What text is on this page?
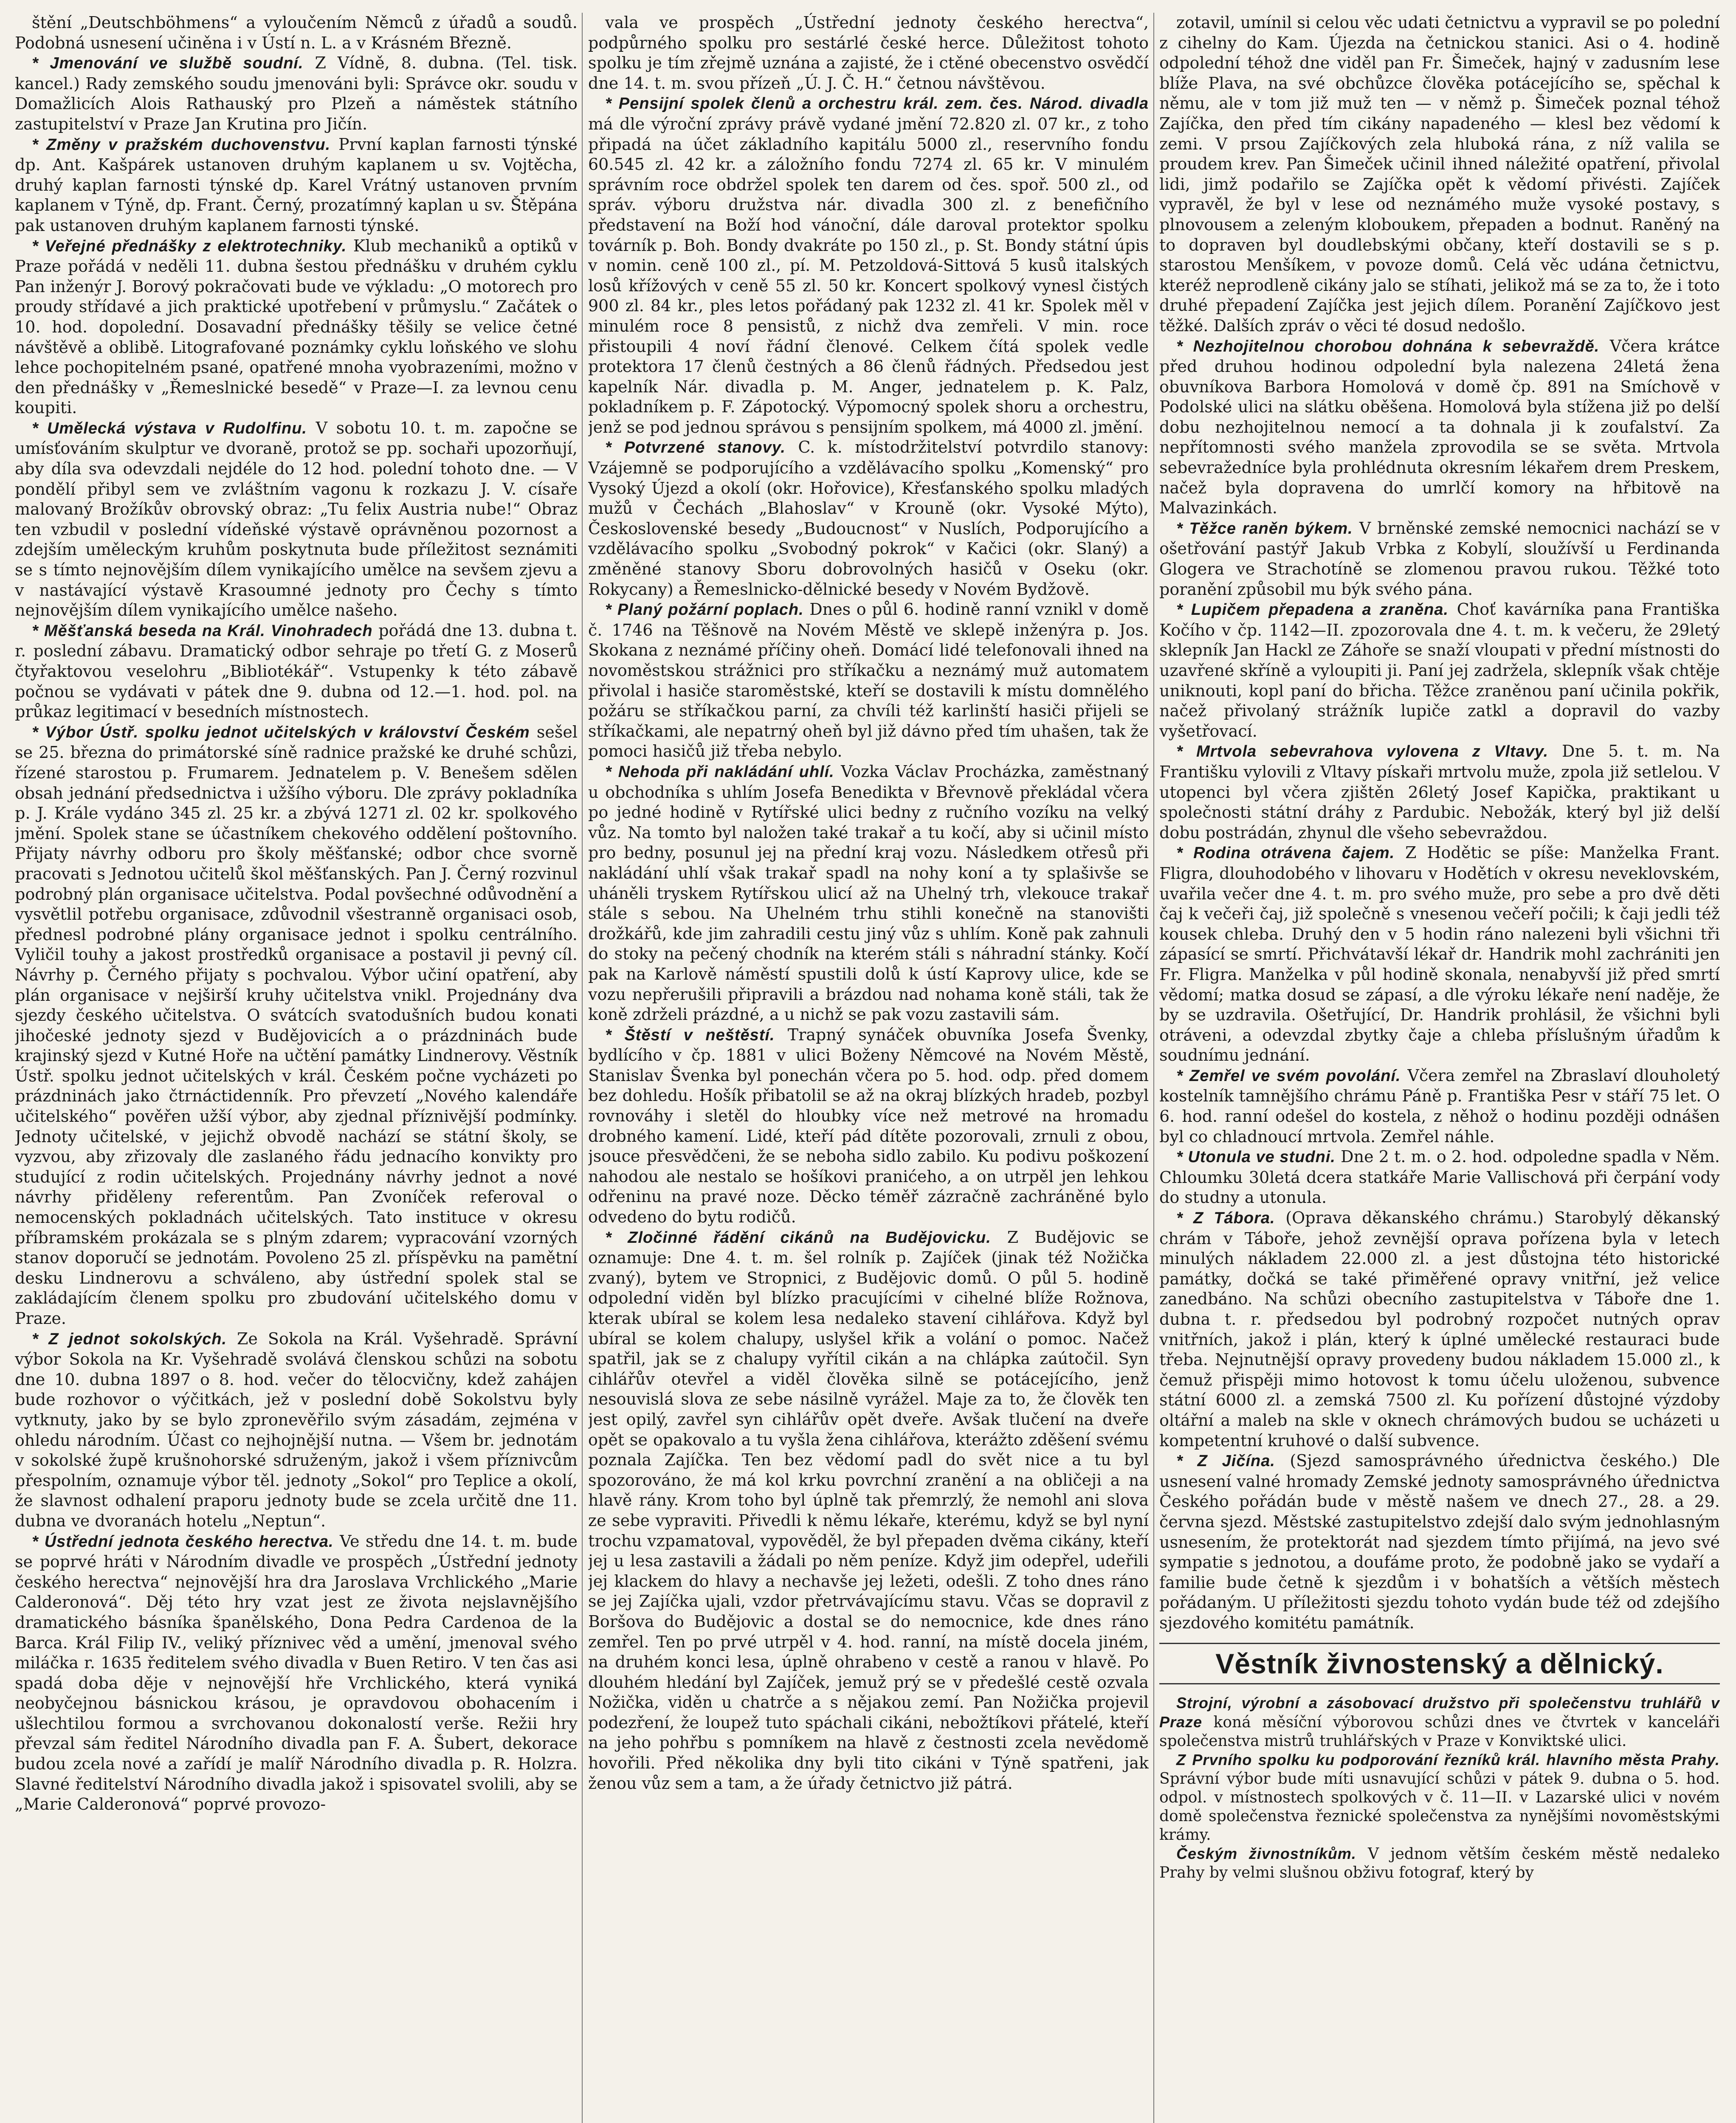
štění „Deutschböhmens“ a vyloučením Němců z úřadů a soudů. Podobná usnesení učiněna i v Ústí n. L. a v Krásném Březně.

* Jmenování ve službě soudní. Z Vídně, 8. dubna. (Tel. tisk. kancel.) Rady zemského soudu jmenováni byli: Správce okr. soudu v Domažlicích Alois Rathauský pro Plzeň a náměstek státního zastupitelství v Praze Jan Krutina pro Jičín.

* Změny v pražském duchovenstvu. První kaplan farnosti týnské dp. Ant. Kašpárek ustanoven druhým kaplanem u sv. Vojtěcha, druhý kaplan farnosti týnské dp. Karel Vrátný ustanoven prvním kaplanem v Týně, dp. Frant. Černý, prozatímný kaplan u sv. Štěpána pak ustanoven druhým kaplanem farnosti týnské.

* Veřejné přednášky z elektrotechniky. Klub mechaniků a optiků v Praze pořádá v neděli 11. dubna šestou přednášku v druhém cyklu Pan inženýr J. Borový pokračovati bude ve výkladu: „O motorech pro proudy střídavé a jich praktické upotřebení v průmyslu.“ Začátek o 10. hod. dopolední. Dosavadní přednášky těšily se velice četné návštěvě a oblibě. Litografované poznámky cyklu loňského ve slohu lehce pochopitelném psané, opatřené mnoha vyobrazeními, možno v den přednášky v „Řemeslnické besedě“ v Praze—I. za levnou cenu koupiti.

* Umělecká výstava v Rudolfinu. V sobotu 10. t. m. započne se umísťováním skulptur ve dvoraně, protož se pp. sochaři upozorňují, aby díla sva odevzdali nejdéle do 12 hod. polední tohoto dne. — V pondělí přibyl sem ve zvláštním vagonu k rozkazu J. V. císaře malovaný Brožíkův obrovský obraz: „Tu felix Austria nube!“ Obraz ten vzbudil v poslední vídeňské výstavě oprávněnou pozornost a zdejším uměleckým kruhům poskytnuta bude příležitost seznámiti se s tímto nejnovějším dílem vynikajícího umělce na sevšem zjevu a v nastávající výstavě Krasoumné jednoty pro Čechy s tímto nejnovějším dílem vynikajícího umělce našeho.

* Měšťanská beseda na Král. Vinohradech pořádá dne 13. dubna t. r. poslední zábavu. Dramatický odbor sehraje po třetí G. z Moserů čtyřaktovou veselohru „Bibliotékář“. Vstupenky k této zábavě počnou se vydávati v pátek dne 9. dubna od 12.—1. hod. pol. na průkaz legitimací v besedních místnostech.

* Výbor Ústř. spolku jednot učitelských v království Českém sešel se 25. března do primátorské síně radnice pražské ke druhé schůzi, řízené starostou p. Frumarem. Jednatelem p. V. Benešem sdělen obsah jednání předsednictva i užšího výboru. Dle zprávy pokladníka p. J. Krále vydáno 345 zl. 25 kr. a zbývá 1271 zl. 02 kr. spolkového jmění. Spolek stane se účastníkem chekového oddělení poštovního. Přijaty návrhy odboru pro školy měšťanské; odbor chce svorně pracovati s Jednotou učitelů škol měšťanských. Pan J. Černý rozvinul podrobný plán organisace učitelstva. Podal povšechné odůvodnění a vysvětlil potřebu organisace, zdůvodnil všestranně organisaci osob, přednesl podrobné plány organisace jednot i spolku centrálního. Vyličil touhy a jakost prostředků organisace a postavil ji pevný cíl. Návrhy p. Černého přijaty s pochvalou. Výbor učiní opatření, aby plán organisace v nejširší kruhy učitelstva vnikl. Projednány dva sjezdy českého učitelstva. O svátcích svatodušních budou konati jihočeské jednoty sjezd v Budějovicích a o prázdninách bude krajinský sjezd v Kutné Hoře na učtění památky Lindnerovy. Věstník Ústř. spolku jednot učitelských v král. Českém počne vycházeti po prázdninách jako čtrnáctidenník. Pro převzetí „Nového kalendáře učitelského“ pověřen užší výbor, aby zjednal příznivější podmínky. Jednoty učitelské, v jejichž obvodě nachází se státní školy, se vyzvou, aby zřizovaly dle zaslaného řádu jednacího konvikty pro studující z rodin učitelských. Projednány návrhy jednot a nové návrhy přiděleny referentům. Pan Zvoníček referoval o nemocenských pokladnách učitelských. Tato instituce v okresu příbramském prokázala se s plným zdarem; vypracování vzorných stanov doporučí se jednotám. Povoleno 25 zl. příspěvku na pamětní desku Lindnerovu a schváleno, aby ústřední spolek stal se zakládajícím členem spolku pro zbudování učitelského domu v Praze.

* Z jednot sokolských. Ze Sokola na Král. Vyšehradě. Správní výbor Sokola na Kr. Vyšehradě svolává členskou schůzi na sobotu dne 10. dubna 1897 o 8. hod. večer do tělocvičny, kdež zahájen bude rozhovor o výčitkách, jež v poslední době Sokolstvu byly vytknuty, jako by se bylo zpronevěřilo svým zásadám, zejména v ohledu národním. Účast co nejhojnější nutna. — Všem br. jednotám v sokolské župě krušnohorské sdruženým, jakož i všem příznivcům přespolním, oznamuje výbor těl. jednoty „Sokol“ pro Teplice a okolí, že slavnost odhalení praporu jednoty bude se zcela určitě dne 11. dubna ve dvoranách hotelu „Neptun“.

* Ústřední jednota českého herectva. Ve středu dne 14. t. m. bude se poprvé hráti v Národním divadle ve prospěch „Ústřední jednoty českého herectva“ nejnovější hra dra Jaroslava Vrchlického „Marie Calderonová“. Děj této hry vzat jest ze života nejslavnějšího dramatického básníka španělského, Dona Pedra Cardenoa de la Barca. Král Filip IV., veliký příznivec věd a umění, jmenoval svého miláčka r. 1635 ředitelem svého divadla v Buen Retiro. V ten čas asi spadá doba děje v nejnovější hře Vrchlického, která vyniká neobyčejnou básnickou krásou, je opravdovou obohacením i ušlechtilou formou a svrchovanou dokonalostí verše. Režii hry převzal sám ředitel Národního divadla pan F. A. Šubert, dekorace budou zcela nové a zařídí je malíř Národního divadla p. R. Holzra. Slavné ředitelství Národního divadla jakož i spisovatel svolili, aby se „Marie Calderonová“ poprvé provozo-

vala ve prospěch „Ústřední jednoty českého herectva“, podpůrného spolku pro sestárlé české herce. Důležitost tohoto spolku je tím zřejmě uznána a zajisté, že i ctěné obecenstvo osvědčí dne 14. t. m. svou přízeň „Ú. J. Č. H.“ četnou návštěvou.

* Pensijní spolek členů a orchestru král. zem. čes. Národ. divadla má dle výroční zprávy právě vydané jmění 72.820 zl. 07 kr., z toho připadá na účet základního kapitálu 5000 zl., reservního fondu 60.545 zl. 42 kr. a záložního fondu 7274 zl. 65 kr. V minulém správním roce obdržel spolek ten darem od čes. spoř. 500 zl., od správ. výboru družstva nár. divadla 300 zl. z benefičního představení na Boží hod vánoční, dále daroval protektor spolku továrník p. Boh. Bondy dvakráte po 150 zl., p. St. Bondy státní úpis v nomin. ceně 100 zl., pí. M. Petzoldová-Sittová 5 kusů italských losů křížových v ceně 55 zl. 50 kr. Koncert spolkový vynesl čistých 900 zl. 84 kr., ples letos pořádaný pak 1232 zl. 41 kr. Spolek měl v minulém roce 8 pensistů, z nichž dva zemřeli. V min. roce přistoupili 4 noví řádní členové. Celkem čítá spolek vedle protektora 17 členů čestných a 86 členů řádných. Předsedou jest kapelník Nár. divadla p. M. Anger, jednatelem p. K. Palz, pokladníkem p. F. Zápotocký. Výpomocný spolek shoru a orchestru, jenž se pod jednou správou s pensijním spolkem, má 4000 zl. jmění.

* Potvrzené stanovy. C. k. místodržitelství potvrdilo stanovy: Vzájemně se podporujícího a vzdělávacího spolku „Komenský“ pro Vysoký Újezd a okolí (okr. Hořovice), Křesťanského spolku mladých mužů v Čechách „Blahoslav“ v Krouně (okr. Vysoké Mýto), Československé besedy „Budoucnost“ v Nuslích, Podporujícího a vzdělávacího spolku „Svobodný pokrok“ v Kačici (okr. Slaný) a změněné stanovy Sboru dobrovolných hasičů v Oseku (okr. Rokycany) a Řemeslnicko-dělnické besedy v Novém Bydžově.

* Planý požární poplach. Dnes o půl 6. hodině ranní vznikl v domě č. 1746 na Těšnově na Novém Městě ve sklepě inženýra p. Jos. Skokana z neznámé příčiny oheň. Domácí lidé telefonovali ihned na novoměstskou strážnici pro stříkačku a neznámý muž automatem přivolal i hasiče staroměstské, kteří se dostavili k místu domnělého požáru se stříkačkou parní, za chvíli též karlinští hasiči přijeli se stříkačkami, ale nepatrný oheň byl již dávno před tím uhašen, tak že pomoci hasičů již třeba nebylo.

* Nehoda při nakládání uhlí. Vozka Václav Procházka, zaměstnaný u obchodníka s uhlím Josefa Benedikta v Břevnově překládal včera po jedné hodině v Rytířské ulici bedny z ručního vozíku na velký vůz. Na tomto byl naložen také trakař a tu kočí, aby si učinil místo pro bedny, posunul jej na přední kraj vozu. Následkem otřesů při nakládání uhlí však trakař spadl na nohy koní a ty splašivše se uháněli tryskem Rytířskou ulicí až na Uhelný trh, vlekouce trakař stále s sebou. Na Uhelném trhu stihli konečně na stanovišti drožkářů, kde jim zahradili cestu jiný vůz s uhlím. Koně pak zahnuli do stoky na pečený chodník na kterém stáli s náhradní stánky. Kočí pak na Karlově náměstí spustili dolů k ústí Kaprovy ulice, kde se vozu nepřerušili připravili a brázdou nad nohama koně stáli, tak že koně zdrželi prázdné, a u nichž se pak vozu zastavili sám.

* Štěstí v neštěstí. Trapný synáček obuvníka Josefa Švenky, bydlícího v čp. 1881 v ulici Boženy Němcové na Novém Městě, Stanislav Švenka byl ponechán včera po 5. hod. odp. před domem bez dohledu. Hošík přibatolil se až na okraj blízkých hradeb, pozbyl rovnováhy i sletěl do hloubky více než metrové na hromadu drobného kamení. Lidé, kteří pád dítěte pozorovali, zrnuli z obou, jsouce přesvědčeni, že se neboha sidlo zabilo. Ku podivu poškození nahodou ale nestalo se hošíkovi pranićeho, a on utrpěl jen lehkou odřeninu na pravé noze. Děcko téměř zázračně zachráněné bylo odvedeno do bytu rodičů.

* Zločinné řádění cikánů na Budějovicku. Z Budějovic se oznamuje: Dne 4. t. m. šel rolník p. Zajíček (jinak též Nožička zvaný), bytem ve Stropnici, z Budějovic domů. O půl 5. hodině odpolední viděn byl blízko pracujícími v cihelné blíže Rožnova, kterak ubíral se kolem lesa nedaleko stavení cihlářova. Když byl ubíral se kolem chalupy, uslyšel křik a volání o pomoc. Načež spatřil, jak se z chalupy vyřítil cikán a na chlápka zaútočil. Syn cihlářův otevřel a viděl člověka silně se potácejícího, jenž nesouvislá slova ze sebe násilně vyrážel. Maje za to, že člověk ten jest opilý, zavřel syn cihlářův opět dveře. Avšak tlučení na dveře opět se opakovalo a tu vyšla žena cihlářova, kterážto zděšení svému poznala Zajíčka. Ten bez vědomí padl do svět nice a tu byl spozorováno, že má kol krku povrchní zranění a na obličeji a na hlavě rány. Krom toho byl úplně tak přemrzlý, že nemohl ani slova ze sebe vypraviti. Přivedli k němu lékaře, kterému, když se byl nyní trochu vzpamatoval, vypověděl, že byl přepaden dvěma cikány, kteří jej u lesa zastavili a žádali po něm peníze. Když jim odepřel, udeřili jej klackem do hlavy a nechavše jej ležeti, odešli. Z toho dnes ráno se jej Zajíčka ujali, vzdor přetrvávajícímu stavu. Včas se dopravil z Boršova do Budějovic a dostal se do nemocnice, kde dnes ráno zemřel. Ten po prvé utrpěl v 4. hod. ranní, na místě docela jiném, na druhém konci lesa, úplně ohrabeno v cestě a ranou v hlavě. Po dlouhém hledání byl Zajíček, jemuž prý se v předešlé cestě ozvala Nožička, viděn u chatrče a s nějakou zemí. Pan Nožička projevil podezření, že loupež tuto spáchali cikáni, nebožtíkovi přátelé, kteří na jeho pohřbu s pomníkem na hlavě z čestnosti zcela nevědomě hovořili. Před několika dny byli tito cikáni v Týně spatřeni, jak ženou vůz sem a tam, a že úřady četnictvo již pátrá.

zotavil, umínil si celou věc udati četnictvu a vypravil se po polední z cihelny do Kam. Újezda na četnickou stanici. Asi o 4. hodině odpolední téhož dne viděl pan Fr. Šimeček, hajný v zadusním lese blíže Plava, na své obchůzce člověka potácejícího se, spěchal k němu, ale v tom již muž ten — v němž p. Šimeček poznal téhož Zajíčka, den před tím cikány napadeného — klesl bez vědomí k zemi. V prsou Zajíčkových zela hluboká rána, z níž valila se proudem krev. Pan Šimeček učinil ihned náležité opatření, přivolal lidi, jimž podařilo se Zajíčka opět k vědomí přivésti. Zajíček vypravěl, že byl v lese od neznámého muže vysoké postavy, s plnovousem a zeleným kloboukem, přepaden a bodnut. Raněný na to dopraven byl doudlebskými občany, kteří dostavili se s p. starostou Menšíkem, v povoze domů. Celá věc udána četnictvu, kteréž neprodleně cikány jalo se stíhati, jelikož má se za to, že i toto druhé přepadení Zajíčka jest jejich dílem. Poranění Zajíčkovo jest těžké. Dalších zpráv o věci té dosud nedošlo.

* Nezhojitelnou chorobou dohnána k sebevraždě. Včera krátce před druhou hodinou odpolední byla nalezena 24letá žena obuvníkova Barbora Homolová v domě čp. 891 na Smíchově v Podolské ulici na slátku oběšena. Homolová byla stížena již po delší dobu nezhojitelnou nemocí a ta dohnala ji k zoufalství. Za nepřítomnosti svého manžela zprovodila se se světa. Mrtvola sebevražedníce byla prohlédnuta okresním lékařem drem Preskem, načež byla dopravena do umrlčí komory na hřbitově na Malvazinkách.

* Těžce raněn býkem. V brněnské zemské nemocnici nachází se v ošetřování pastýř Jakub Vrbka z Kobylí, sloužívší u Ferdinanda Glogera ve Strachotíně se zlomenou pravou rukou. Těžké toto poranění způsobil mu býk svého pána.

* Lupičem přepadena a zraněna. Choť kavárníka pana Františka Kočího v čp. 1142—II. zpozorovala dne 4. t. m. k večeru, že 29letý sklepník Jan Hackl ze Záhoře se snaží vloupati v přední místnosti do uzavřené skříně a vyloupiti ji. Paní jej zadržela, sklepník však chtěje uniknouti, kopl paní do břicha. Těžce zraněnou paní učinila pokřik, načež přivolaný strážník lupiče zatkl a dopravil do vazby vyšetřovací.

* Mrtvola sebevrahova vylovena z Vltavy. Dne 5. t. m. Na Františku vylovili z Vltavy pískaři mrtvolu muže, zpola již setlelou. V utopenci byl včera zjištěn 26letý Josef Kapička, praktikant u společnosti státní dráhy z Pardubic. Nebožák, který byl již delší dobu postrádán, zhynul dle všeho sebevraždou.

* Rodina otrávena čajem. Z Hodětic se píše: Manželka Frant. Fligra, dlouhodobého v lihovaru v Hodětích v okresu neveklovském, uvařila večer dne 4. t. m. pro svého muže, pro sebe a pro dvě děti čaj k večeři čaj, již společně s vnesenou večeří počili; k čaji jedli též kousek chleba. Druhý den v 5 hodin ráno nalezeni byli všichni tři zápasící se smrtí. Přichvátavší lékař dr. Handrik mohl zachrániti jen Fr. Fligra. Manželka v půl hodině skonala, nenabyvší již před smrtí vědomí; matka dosud se zápasí, a dle výroku lékaře není naděje, že by se uzdravila. Ošetřující, Dr. Handrik prohlásil, že všichni byli otráveni, a odevzdal zbytky čaje a chleba příslušným úřadům k soudnímu jednání.

* Zemřel ve svém povolání. Včera zemřel na Zbraslaví dlouholetý kostelník tamnějšího chrámu Páně p. Františka Pesr v stáří 75 let. O 6. hod. ranní odešel do kostela, z něhož o hodinu později odnášen byl co chladnoucí mrtvola. Zemřel náhle.

* Utonula ve studni. Dne 2 t. m. o 2. hod. odpoledne spadla v Něm. Chloumku 30letá dcera statkáře Marie Vallischová při čerpání vody do studny a utonula.

* Z Tábora. (Oprava děkanského chrámu.) Starobylý děkanský chrám v Táboře, jehož zevnější oprava pořízena byla v letech minulých nákladem 22.000 zl. a jest důstojna této historické památky, dočká se také přiměřené opravy vnitřní, jež velice zanedbáno. Na schůzi obecního zastupitelstva v Táboře dne 1. dubna t. r. předsedou byl podrobný rozpočet nutných oprav vnitřních, jakož i plán, který k úplné umělecké restauraci bude třeba. Nejnutnější opravy provedeny budou nákladem 15.000 zl., k čemuž přispěji mimo hotovost k tomu účelu uloženou, subvence státní 6000 zl. a zemská 7500 zl. Ku pořízení důstojné výzdoby oltářní a maleb na skle v oknech chrámových budou se ucházeti u kompetentní kruhové o další subvence.

* Z Jičína. (Sjezd samosprávného úřednictva českého.) Dle usnesení valné hromady Zemské jednoty samosprávného úřednictva Českého pořádán bude v městě našem ve dnech 27., 28. a 29. června sjezd. Městské zastupitelstvo zdejší dalo svým jednohlasným usnesením, že protektorát nad sjezdem tímto přijímá, na jevo své sympatie s jednotou, a doufáme proto, že podobně jako se vydaří a familie bude četně k sjezdům i v bohatších a větších městech pořádaným. U příležitosti sjezdu tohoto vydán bude též od zdejšího sjezdového komitétu památník.

Věstník živnostenský a dělnický.

Strojní, výrobní a zásobovací družstvo při společenstvu truhlářů v Praze koná měsíční výborovou schůzi dnes ve čtvrtek v kanceláři společenstva mistrů truhlářských v Praze v Konviktské ulici.

Z Prvního spolku ku podporování řezníků král. hlavního města Prahy. Správní výbor bude míti usnavující schůzi v pátek 9. dubna o 5. hod. odpol. v místnostech spolkových v č. 11—II. v Lazarské ulici v novém domě společenstva řeznické společenstva za nynějšími novoměstskými krámy.

Českým živnostníkům. V jednom větším českém městě nedaleko Prahy by velmi slušnou obživu fotograf, který by
